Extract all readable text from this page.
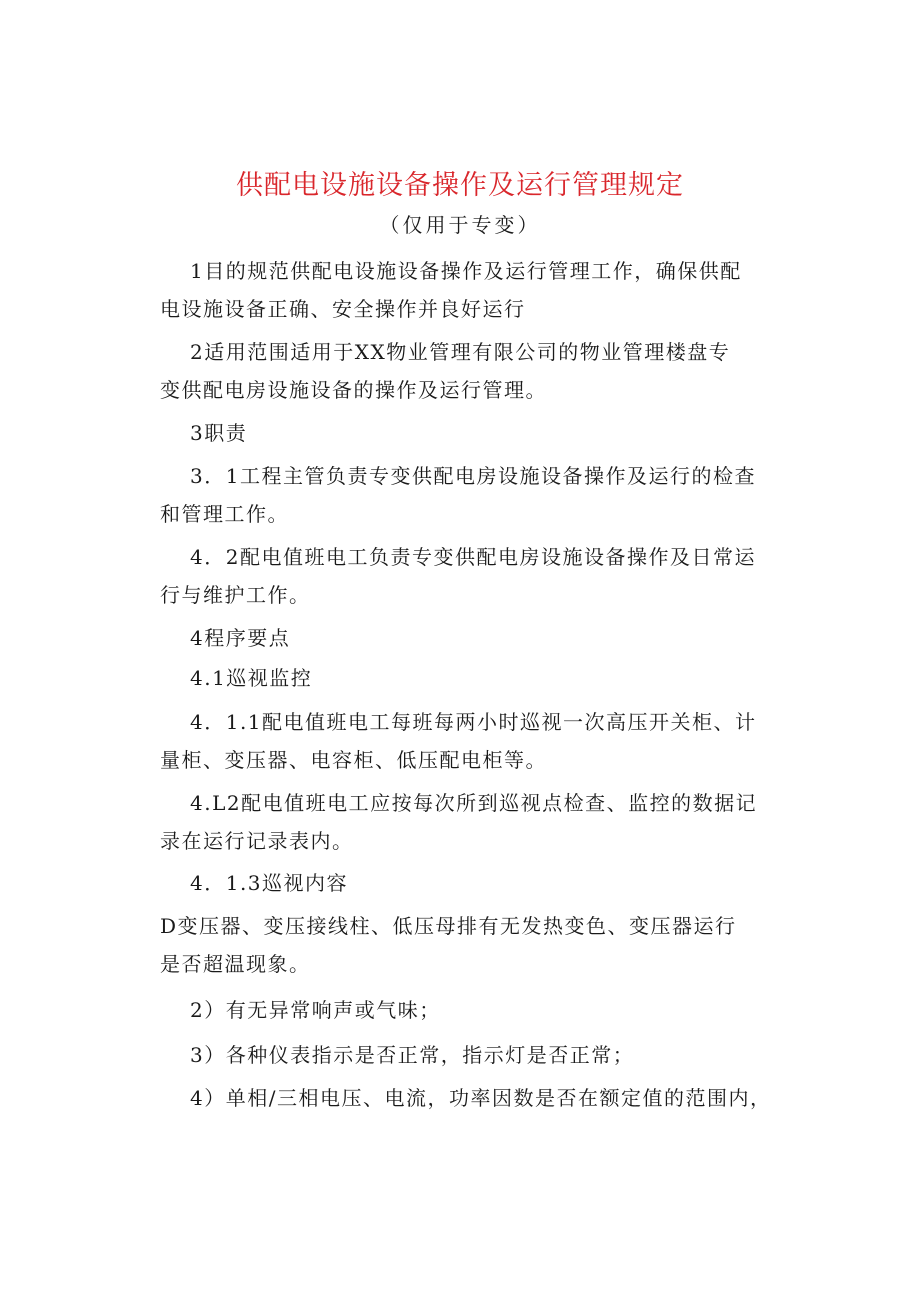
供配电设施设备操作及运行管理规定
（仅用于专变）
1目的规范供配电设施设备操作及运行管理工作，确保供配
电设施设备正确、安全操作并良好运行
2适用范围适用于XX物业管理有限公司的物业管理楼盘专
变供配电房设施设备的操作及运行管理。
3职责
3．1工程主管负责专变供配电房设施设备操作及运行的检查
和管理工作。
4．2配电值班电工负责专变供配电房设施设备操作及日常运
行与维护工作。
4程序要点
4.1巡视监控
4．1.1配电值班电工每班每两小时巡视一次高压开关柜、计
量柜、变压器、电容柜、低压配电柜等。
4.L2配电值班电工应按每次所到巡视点检查、监控的数据记
录在运行记录表内。
4．1.3巡视内容
D变压器、变压接线柱、低压母排有无发热变色、变压器运行
是否超温现象。
2）有无异常响声或气味；
3）各种仪表指示是否正常，指示灯是否正常；
4）单相/三相电压、电流，功率因数是否在额定值的范围内，
